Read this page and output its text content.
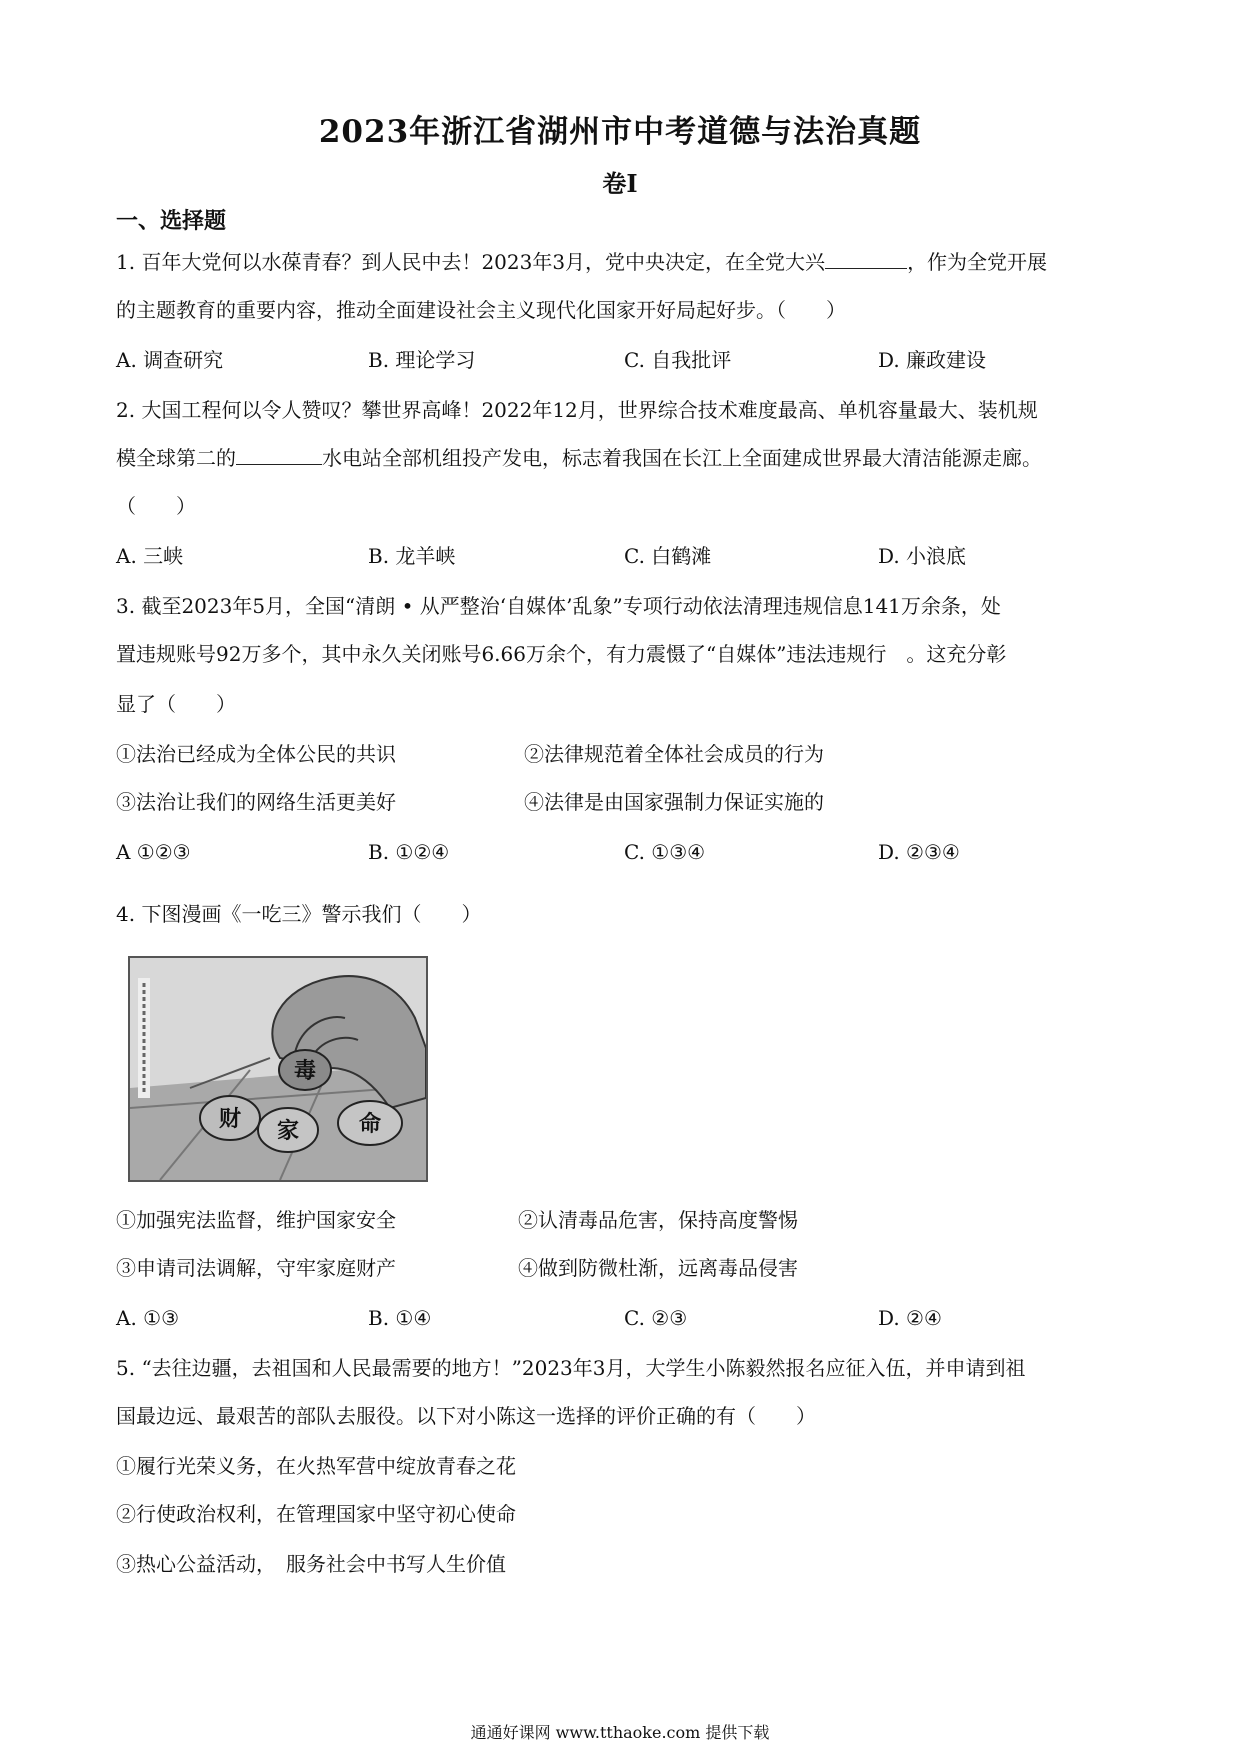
2023年浙江省湖州市中考道德与法治真题
卷I
一、选择题
1. 百年大党何以水葆青春？到人民中去！2023年3月，党中央决定，在全党大兴	，作为全党开展
的主题教育的重要内容，推动全面建设社会主义现代化国家开好局起好步。（　　）
A. 调查研究	B. 理论学习	C. 自我批评	D. 廉政建设
2. 大国工程何以令人赞叹？攀世界高峰！2022年12月，世界综合技术难度最高、单机容量最大、装机规
模全球第二的	水电站全部机组投产发电，标志着我国在长江上全面建成世界最大清洁能源走廊。
（　　）
A. 三峡	B. 龙羊峡	C. 白鹤滩	D. 小浪底
3. 截至2023年5月，全国“清朗 • 从严整治‘自媒体’乱象”专项行动依法清理违规信息141万余条，处
置违规账号92万多个，其中永久关闭账号6.66万余个，有力震慑了“自媒体”违法违规行　。这充分彰
显了（　　）
①法治已经成为全体公民的共识	②法律规范着全体社会成员的行为
③法治让我们的网络生活更美好	④法律是由国家强制力保证实施的
A ①②③	B. ①②④	C. ①③④	D. ②③④
4. 下图漫画《一吃三》警示我们（　　）
毒
财 家	命
①加强宪法监督，维护国家安全	②认清毒品危害，保持高度警惕
③申请司法调解，守牢家庭财产	④做到防微杜渐，远离毒品侵害
A. ①③	B. ①④	C. ②③	D. ②④
5. “去往边疆，去祖国和人民最需要的地方！”2023年3月，大学生小陈毅然报名应征入伍，并申请到祖
国最边远、最艰苦的部队去服役。以下对小陈这一选择的评价正确的有（　　）
①履行光荣义务，在火热军营中绽放青春之花
②行使政治权利，在管理国家中坚守初心使命
③热心公益活动，　服务社会中书写人生价值
通通好课网 www.tthaoke.com 提供下载
